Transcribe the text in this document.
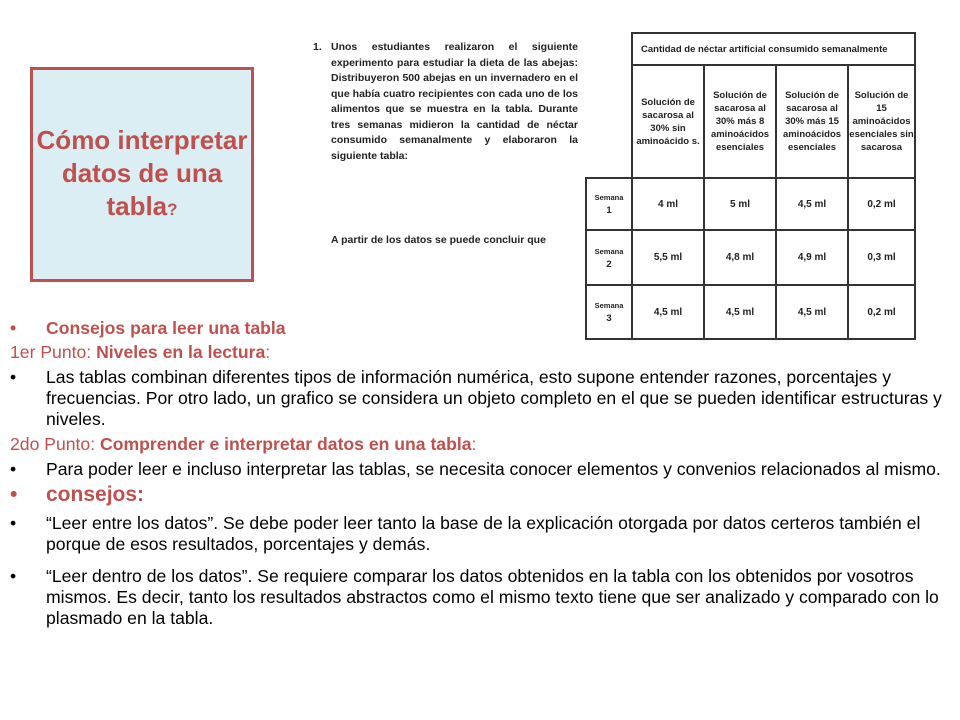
Cómo interpretar datos de una tabla?
1. Unos estudiantes realizaron el siguiente experimento para estudiar la dieta de las abejas: Distribuyeron 500 abejas en un invernadero en el que había cuatro recipientes con cada uno de los alimentos que se muestra en la tabla. Durante tres semanas midieron la cantidad de néctar consumido semanalmente y elaboraron la siguiente tabla:
A partir de los datos se puede concluir que
	Cantidad de néctar artificial consumido semanalmente			
	Solución de sacarosa al 30% sin aminoácido s.	Solución de sacarosa al 30% más 8 aminoácidos esenciales	Solución de sacarosa al 30% más 15 aminoácidos esenciales	Solución de 15 aminoácidos esenciales sin sacarosa

Semana
1	4 ml	5 ml	4,5 ml	0,2 ml

Semana
2	5,5 ml	4,8 ml	4,9 ml	0,3 ml

Semana
3	4,5 ml	4,5 ml	4,5 ml	0,2 ml
• Consejos para leer una tabla
1er Punto: Niveles en la lectura:
• Las tablas combinan diferentes tipos de información numérica, esto supone entender razones, porcentajes y frecuencias. Por otro lado, un grafico se considera un objeto completo en el que se pueden identificar estructuras y niveles.
2do Punto: Comprender e interpretar datos en una tabla:
• Para poder leer e incluso interpretar las tablas, se necesita conocer elementos y convenios relacionados al mismo.
• consejos:
• “Leer entre los datos”. Se debe poder leer tanto la base de la explicación otorgada por datos certeros también el porque de esos resultados, porcentajes y demás.
• “Leer dentro de los datos”. Se requiere comparar los datos obtenidos en la tabla con los obtenidos por vosotros mismos. Es decir, tanto los resultados abstractos como el mismo texto tiene que ser analizado y comparado con lo plasmado en la tabla.
